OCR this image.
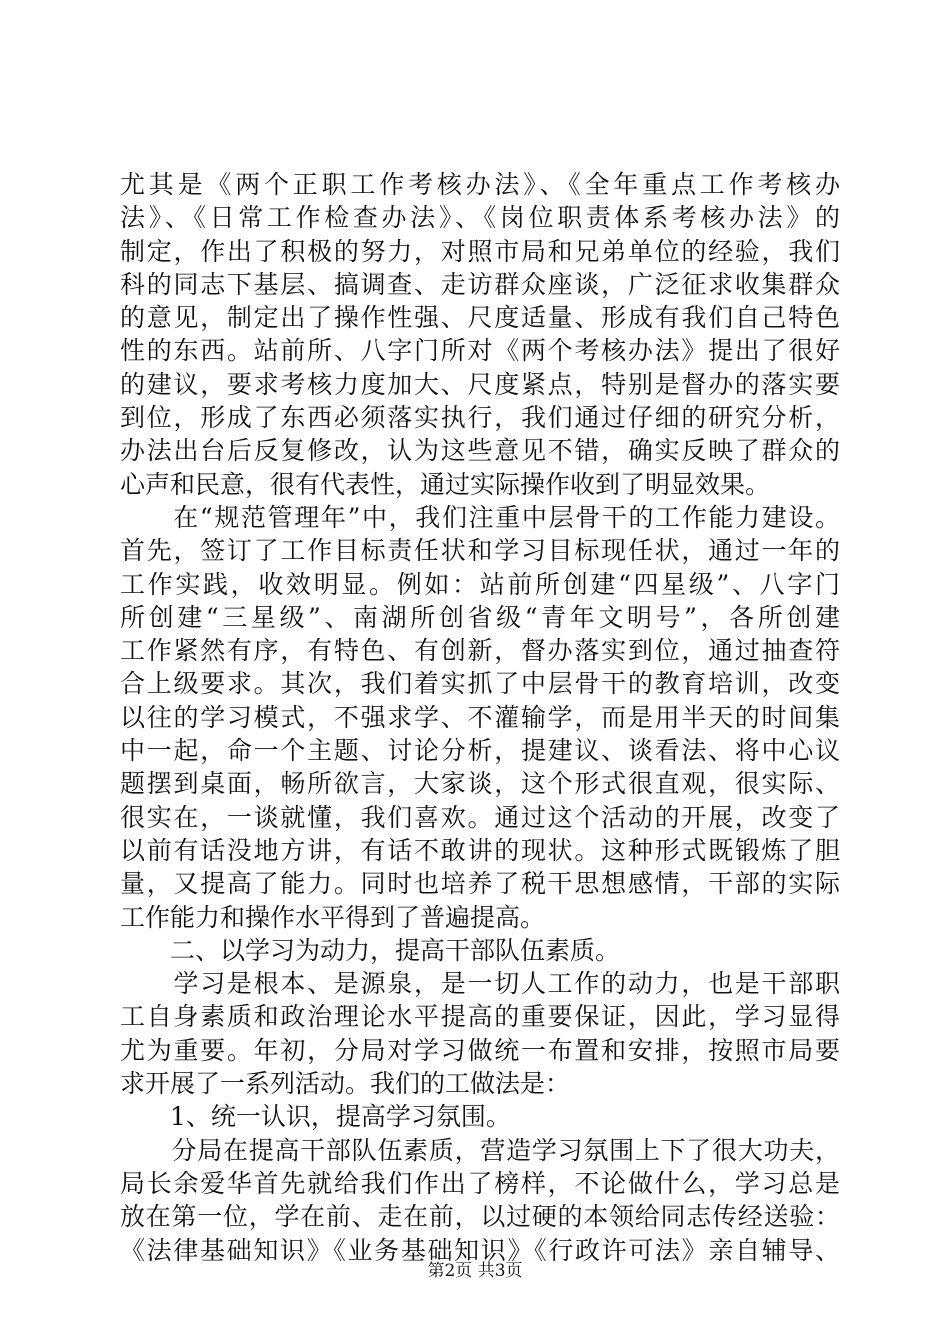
尤其是《两个正职工作考核办法》、《全年重点工作考核办
法》、《日常工作检查办法》、《岗位职责体系考核办法》的
制定，作出了积极的努力，对照市局和兄弟单位的经验，我们
科的同志下基层、搞调查、走访群众座谈，广泛征求收集群众
的意见，制定出了操作性强、尺度适量、形成有我们自己特色
性的东西。站前所、八字门所对《两个考核办法》提出了很好
的建议，要求考核力度加大、尺度紧点，特别是督办的落实要
到位，形成了东西必须落实执行，我们通过仔细的研究分析，
办法出台后反复修改，认为这些意见不错，确实反映了群众的
心声和民意，很有代表性，通过实际操作收到了明显效果。
　　在“规范管理年”中，我们注重中层骨干的工作能力建设。
首先，签订了工作目标责任状和学习目标现任状，通过一年的
工作实践，收效明显。例如：站前所创建“四星级”、八字门
所创建“三星级”、南湖所创省级“青年文明号”，各所创建
工作紧然有序，有特色、有创新，督办落实到位，通过抽查符
合上级要求。其次，我们着实抓了中层骨干的教育培训，改变
以往的学习模式，不强求学、不灌输学，而是用半天的时间集
中一起，命一个主题、讨论分析，提建议、谈看法、将中心议
题摆到桌面，畅所欲言，大家谈，这个形式很直观，很实际、
很实在，一谈就懂，我们喜欢。通过这个活动的开展，改变了
以前有话没地方讲，有话不敢讲的现状。这种形式既锻炼了胆
量，又提高了能力。同时也培养了税干思想感情，干部的实际
工作能力和操作水平得到了普遍提高。
　　二、以学习为动力，提高干部队伍素质。
　　学习是根本、是源泉，是一切人工作的动力，也是干部职
工自身素质和政治理论水平提高的重要保证，因此，学习显得
尤为重要。年初，分局对学习做统一布置和安排，按照市局要
求开展了一系列活动。我们的工做法是：
　　1、统一认识，提高学习氛围。
　　分局在提高干部队伍素质，营造学习氛围上下了很大功夫，
局长余爱华首先就给我们作出了榜样，不论做什么，学习总是
放在第一位，学在前、走在前，以过硬的本领给同志传经送验：
《法律基础知识》《业务基础知识》《行政许可法》亲自辅导、
第2页 共3页
